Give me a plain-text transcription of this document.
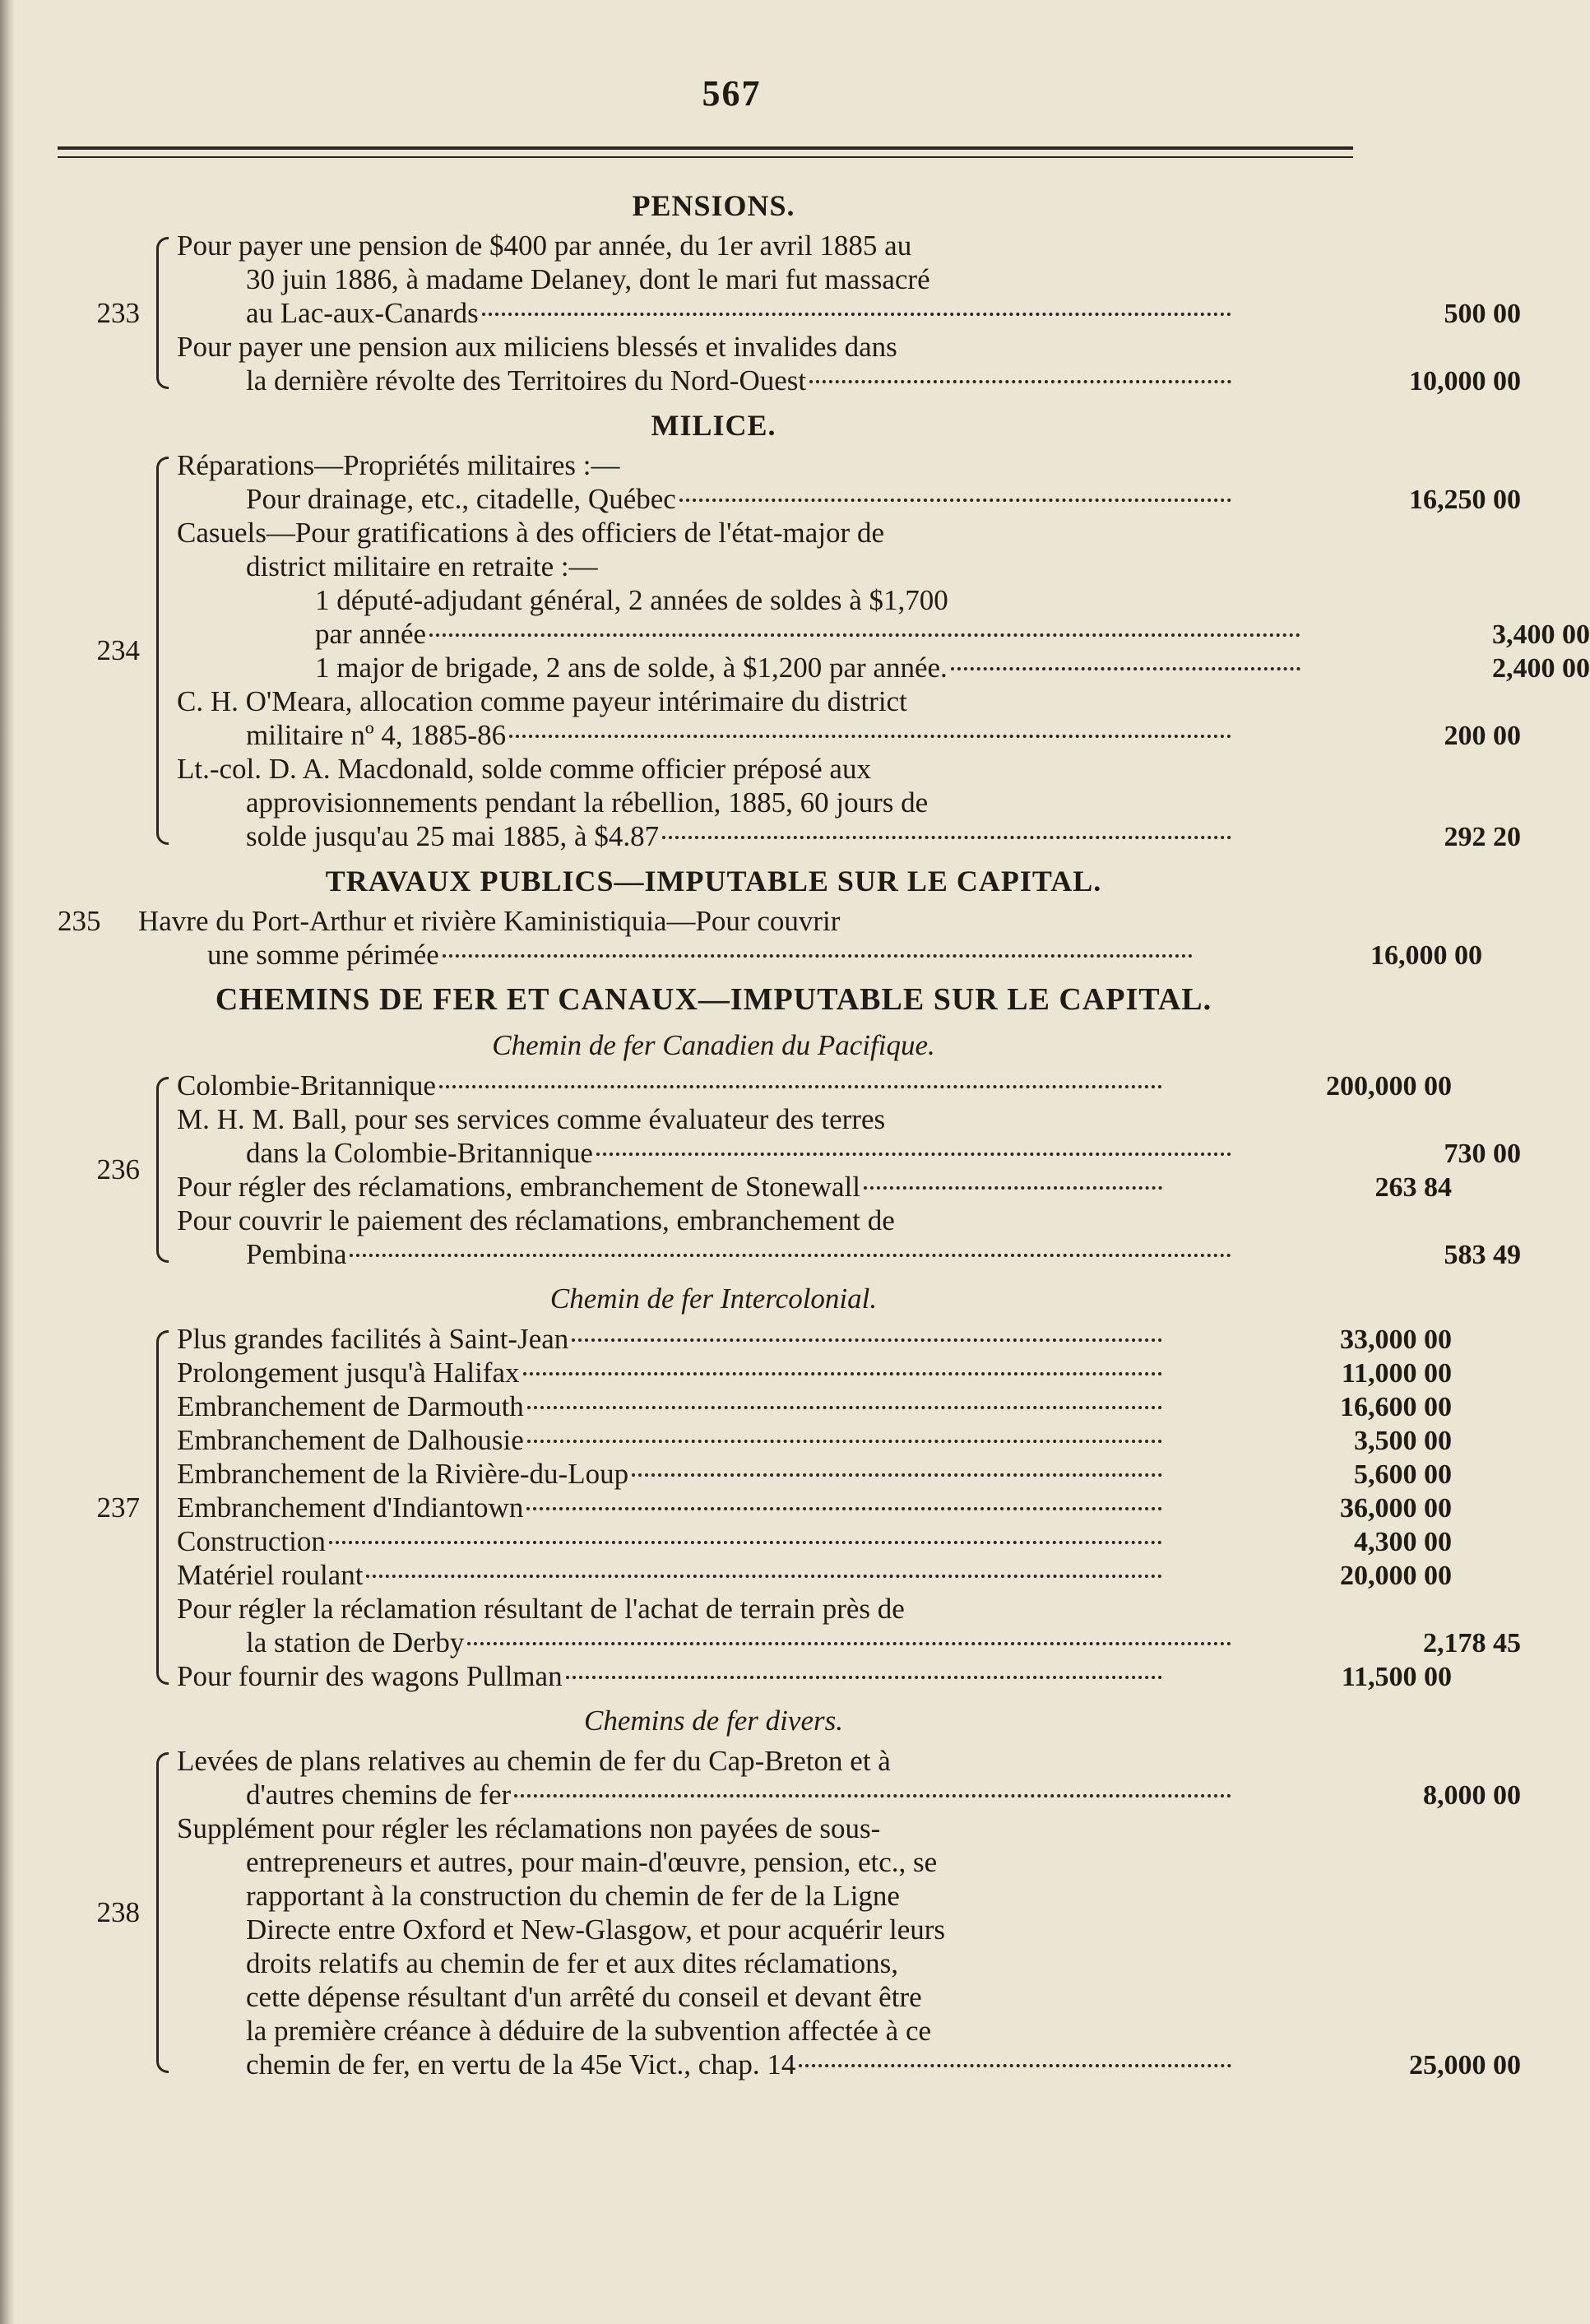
567
PENSIONS.
233
Pour payer une pension de $400 par année, du 1er avril 1885 au
30 juin 1886, à madame Delaney, dont le mari fut massacré
au Lac-aux-Canards	500 00
Pour payer une pension aux miliciens blessés et invalides dans
la dernière révolte des Territoires du Nord-Ouest	10,000 00
MILICE.
234
Réparations—Propriétés militaires :—
Pour drainage, etc., citadelle, Québec	16,250 00
Casuels—Pour gratifications à des officiers de l'état-major de
district militaire en retraite :—
1 député-adjudant général, 2 années de soldes à $1,700
par année	3,400 00
1 major de brigade, 2 ans de solde, à $1,200 par année.	2,400 00
C. H. O'Meara, allocation comme payeur intérimaire du district
militaire nº 4, 1885-86	200 00
Lt.-col. D. A. Macdonald, solde comme officier préposé aux
approvisionnements pendant la rébellion, 1885, 60 jours de
solde jusqu'au 25 mai 1885, à $4.87	292 20
TRAVAUX PUBLICS—IMPUTABLE SUR LE CAPITAL.
235	Havre du Port-Arthur et rivière Kaministiquia—Pour couvrir
une somme périmée	16,000 00
CHEMINS DE FER ET CANAUX—IMPUTABLE SUR LE CAPITAL.
Chemin de fer Canadien du Pacifique.
236
Colombie-Britannique	200,000 00
M. H. M. Ball, pour ses services comme évaluateur des terres
dans la Colombie-Britannique	730 00
Pour régler des réclamations, embranchement de Stonewall	263 84
Pour couvrir le paiement des réclamations, embranchement de
Pembina	583 49
Chemin de fer Intercolonial.
237
Plus grandes facilités à Saint-Jean	33,000 00
Prolongement jusqu'à Halifax	11,000 00
Embranchement de Darmouth	16,600 00
Embranchement de Dalhousie	3,500 00
Embranchement de la Rivière-du-Loup	5,600 00
Embranchement d'Indiantown	36,000 00
Construction	4,300 00
Matériel roulant	20,000 00
Pour régler la réclamation résultant de l'achat de terrain près de
la station de Derby	2,178 45
Pour fournir des wagons Pullman	11,500 00
Chemins de fer divers.
238
Levées de plans relatives au chemin de fer du Cap-Breton et à
d'autres chemins de fer	8,000 00
Supplément pour régler les réclamations non payées de sous-
entrepreneurs et autres, pour main-d'œuvre, pension, etc., se
rapportant à la construction du chemin de fer de la Ligne
Directe entre Oxford et New-Glasgow, et pour acquérir leurs
droits relatifs au chemin de fer et aux dites réclamations,
cette dépense résultant d'un arrêté du conseil et devant être
la première créance à déduire de la subvention affectée à ce
chemin de fer, en vertu de la 45e Vict., chap. 14	25,000 00
